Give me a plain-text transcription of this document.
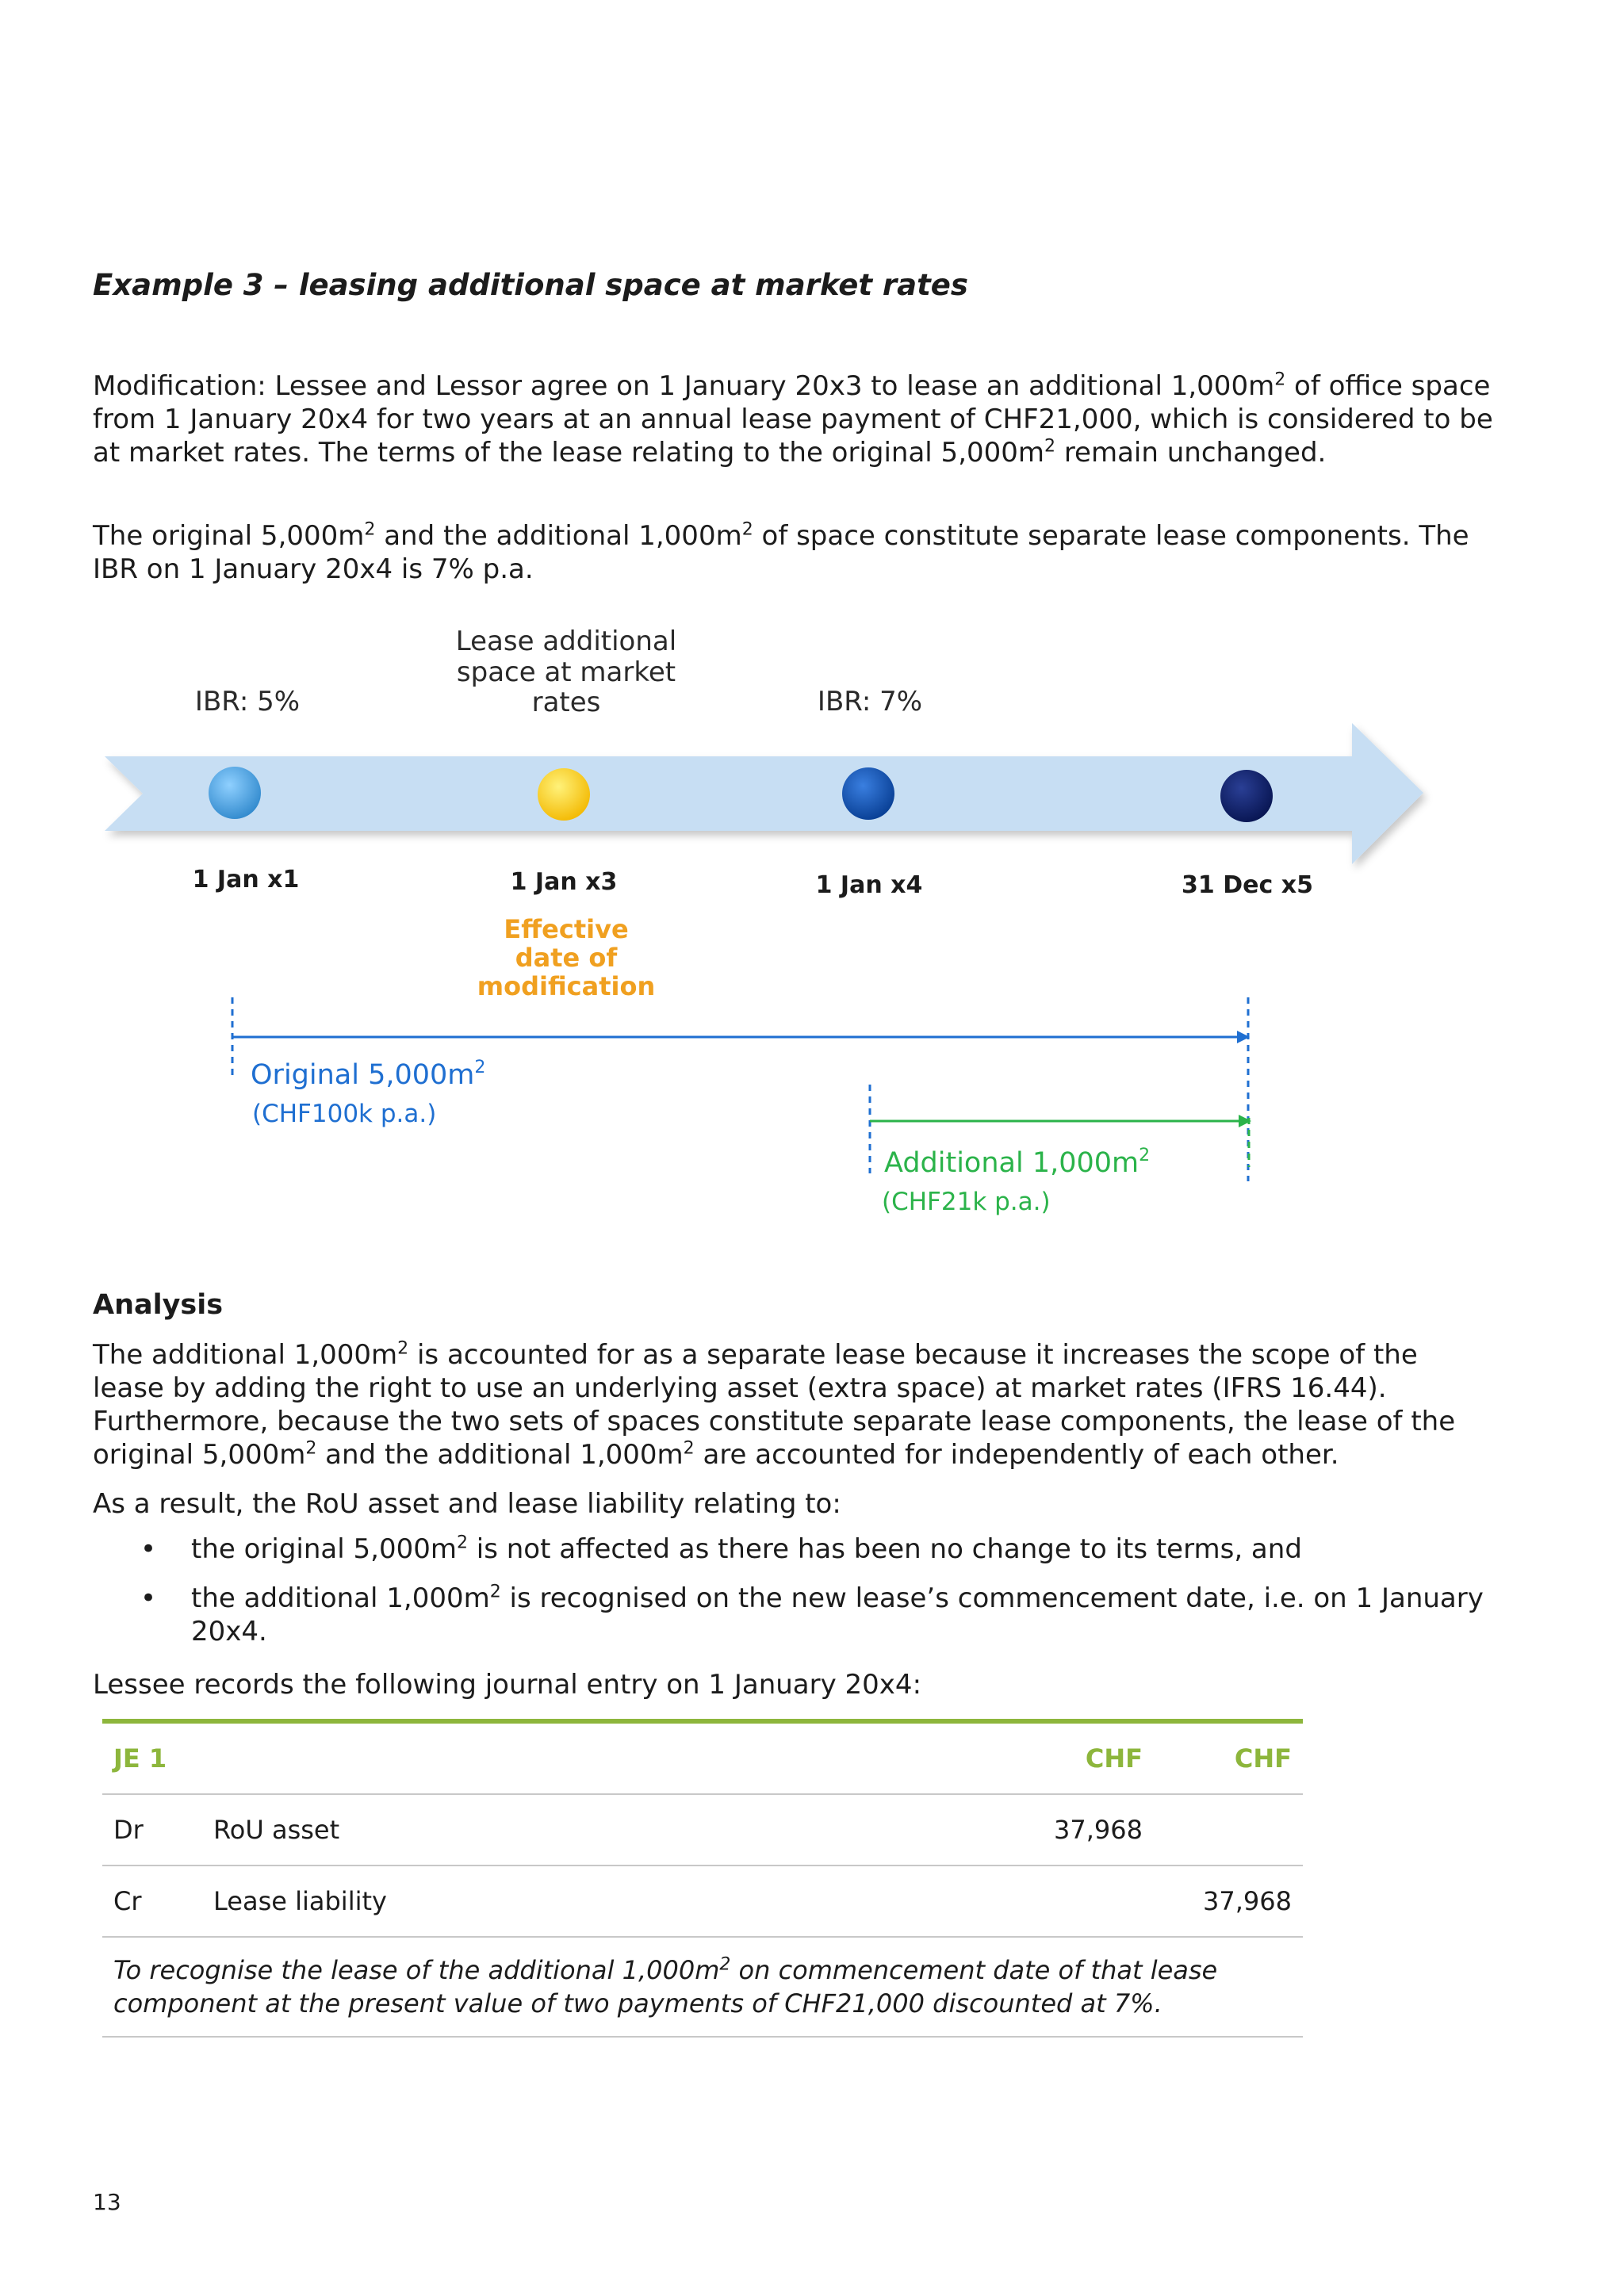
Example 3 – leasing additional space at market rates

Modification: Lessee and Lessor agree on 1 January 20x3 to lease an additional $1,000m^2$ of office space from 1 January 20x4 for two years at an annual lease payment of CHF21,000, which is considered to be at market rates. The terms of the lease relating to the original $5,000m^2$ remain unchanged.

The original $5,000m^2$ and the additional $1,000m^2$ of space constitute separate lease components. The IBR on 1 January 20x4 is 7% p.a.

IBR: 5%
Lease additional
space at market
rates	IBR: 7%
1 Jan x1	1 Jan x3	1 Jan x4	31 Dec x5
Effective
date of
modification
Original $5,000m^2$
(CHF100k p.a.)
Additional $1,000m^2$
(CHF21k p.a.)
Analysis

The additional $1,000m^2$ is accounted for as a separate lease because it increases the scope of the lease by adding the right to use an underlying asset (extra space) at market rates (IFRS 16.44). Furthermore, because the two sets of spaces constitute separate lease components, the lease of the original $5,000m^2$ and the additional $1,000m^2$ are accounted for independently of each other.

As a result, the RoU asset and lease liability relating to:

• the original $5,000m^2$ is not affected as there has been no change to its terms, and
• the additional $1,000m^2$ is recognised on the new lease’s commencement date, i.e. on 1 January 20x4.

Lessee records the following journal entry on 1 January 20x4:

JE 1		CHF	CHF
Dr	RoU asset	37,968	
Cr	Lease liability		37,968
To recognise the lease of the additional $1,000m^2$ on commencement date of that lease component at the present value of two payments of CHF21,000 discounted at 7%.			

13
